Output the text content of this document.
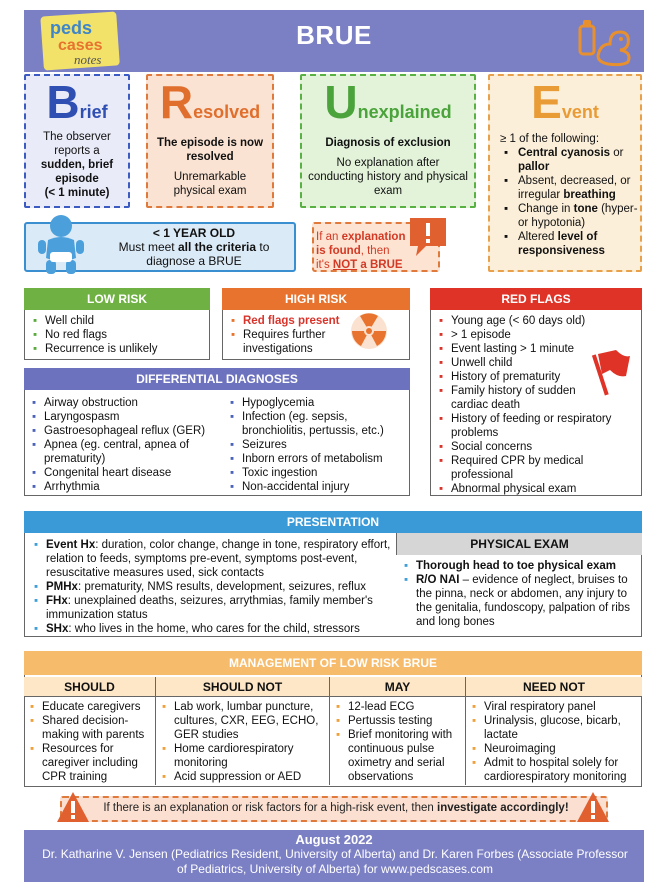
peds
cases
notes
BRUE
Brief
The observer reports a sudden, brief episode
(< 1 minute)
Resolved
The episode is now resolved
Unremarkable physical exam
Unexplained
Diagnosis of exclusion
No explanation after conducting history and physical exam
Event
≥ 1 of the following:
▪ Central cyanosis or pallor
▪ Absent, decreased, or irregular breathing
▪ Change in tone (hyper- or hypotonia)
▪ Altered level of responsiveness
< 1 YEAR OLD
Must meet all the criteria to diagnose a BRUE
If an explanation is found, then it's NOT a BRUE
LOW RISK
▪ Well child
▪ No red flags
▪ Recurrence is unlikely
HIGH RISK
▪ Red flags present
▪ Requires further investigations
RED FLAGS
▪ Young age (< 60 days old)
▪ > 1 episode
▪ Event lasting > 1 minute
▪ Unwell child
▪ History of prematurity
▪ Family history of sudden cardiac death
▪ History of feeding or respiratory problems
▪ Social concerns
▪ Required CPR by medical professional
▪ Abnormal physical exam
DIFFERENTIAL DIAGNOSES
▪ Airway obstruction
▪ Laryngospasm
▪ Gastroesophageal reflux (GER)
▪ Apnea (eg. central, apnea of prematurity)
▪ Congenital heart disease
▪ Arrhythmia
▪ Hypoglycemia
▪ Infection (eg. sepsis, bronchiolitis, pertussis, etc.)
▪ Seizures
▪ Inborn errors of metabolism
▪ Toxic ingestion
▪ Non-accidental injury
PRESENTATION
▪ Event Hx: duration, color change, change in tone, respiratory effort, relation to feeds, symptoms pre-event, symptoms post-event, resuscitative measures used, sick contacts
▪ PMHx: prematurity, NMS results, development, seizures, reflux
▪ FHx: unexplained deaths, seizures, arrythmias, family member's immunization status
▪ SHx: who lives in the home, who cares for the child, stressors
PHYSICAL EXAM
▪ Thorough head to toe physical exam
▪ R/O NAI – evidence of neglect, bruises to the pinna, neck or abdomen, any injury to the genitalia, fundoscopy, palpation of ribs and long bones
MANAGEMENT OF LOW RISK BRUE
SHOULD
▪ Educate caregivers
▪ Shared decision-making with parents
▪ Resources for caregiver including CPR training
SHOULD NOT
▪ Lab work, lumbar puncture, cultures, CXR, EEG, ECHO, GER studies
▪ Home cardiorespiratory monitoring
▪ Acid suppression or AED
MAY
▪ 12-lead ECG
▪ Pertussis testing
▪ Brief monitoring with continuous pulse oximetry and serial observations
NEED NOT
▪ Viral respiratory panel
▪ Urinalysis, glucose, bicarb, lactate
▪ Neuroimaging
▪ Admit to hospital solely for cardiorespiratory monitoring
If there is an explanation or risk factors for a high-risk event, then investigate accordingly!
August 2022
Dr. Katharine V. Jensen (Pediatrics Resident, University of Alberta) and Dr. Karen Forbes (Associate Professor of Pediatrics, University of Alberta) for www.pedscases.com
